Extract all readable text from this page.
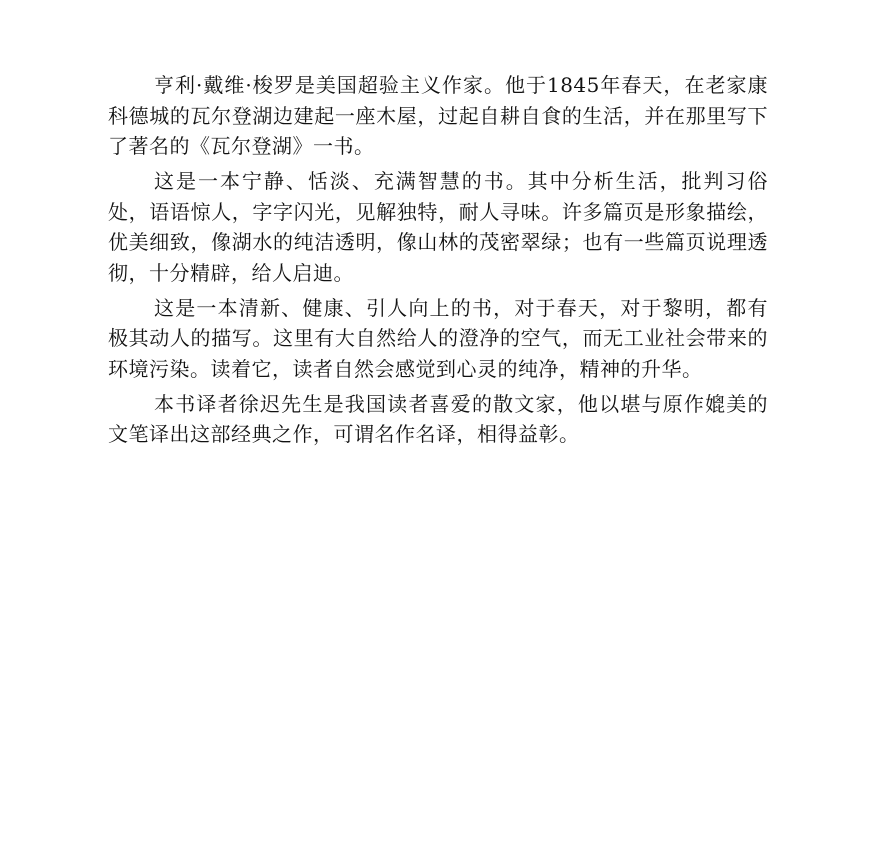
亨利·戴维·梭罗是美国超验主义作家。他于1845年春天，在老家康科德城的瓦尔登湖边建起一座木屋，过起自耕自食的生活，并在那里写下了著名的《瓦尔登湖》一书。

这是一本宁静、恬淡、充满智慧的书。其中分析生活，批判习俗处，语语惊人，字字闪光，见解独特，耐人寻味。许多篇页是形象描绘，优美细致，像湖水的纯洁透明，像山林的茂密翠绿；也有一些篇页说理透彻，十分精辟，给人启迪。

这是一本清新、健康、引人向上的书，对于春天，对于黎明，都有极其动人的描写。这里有大自然给人的澄净的空气，而无工业社会带来的环境污染。读着它，读者自然会感觉到心灵的纯净，精神的升华。

本书译者徐迟先生是我国读者喜爱的散文家，他以堪与原作媲美的文笔译出这部经典之作，可谓名作名译，相得益彰。
